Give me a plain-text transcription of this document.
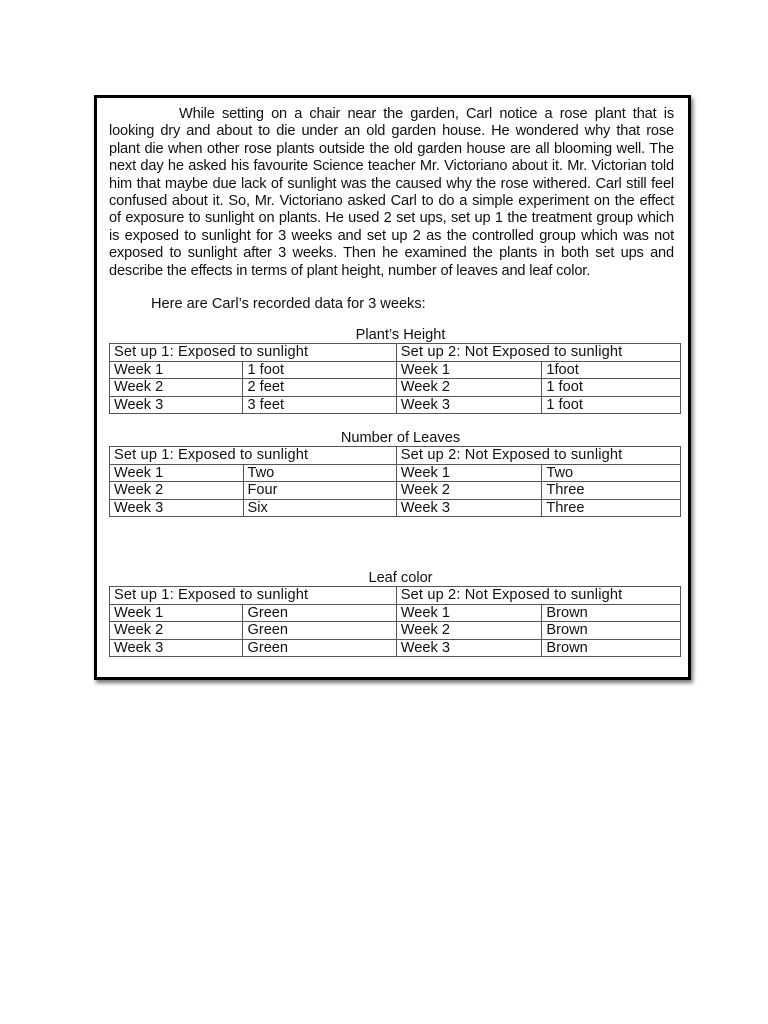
While setting on a chair near the garden, Carl notice a rose plant that is looking dry and about to die under an old garden house. He wondered why that rose plant die when other rose plants outside the old garden house are all blooming well. The next day he asked his favourite Science teacher Mr. Victoriano about it. Mr. Victorian told him that maybe due lack of sunlight was the caused why the rose withered. Carl still feel confused about it. So, Mr. Victoriano asked Carl to do a simple experiment on the effect of exposure to sunlight on plants. He used 2 set ups, set up 1 the treatment group which is exposed to sunlight for 3 weeks and set up 2 as the controlled group which was not exposed to sunlight after 3 weeks. Then he examined the plants in both set ups and describe the effects in terms of plant height, number of leaves and leaf color.

Here are Carl’s recorded data for 3 weeks:

Plant’s Height

Set up 1: Exposed to sunlight		Set up 2: Not Exposed to sunlight	
Week 1	1 foot	Week 1	1foot
Week 2	2 feet	Week 2	1 foot
Week 3	3 feet	Week 3	1 foot

Number of Leaves

Set up 1: Exposed to sunlight		Set up 2: Not Exposed to sunlight	
Week 1	Two	Week 1	Two
Week 2	Four	Week 2	Three
Week 3	Six	Week 3	Three

Leaf color

Set up 1: Exposed to sunlight		Set up 2: Not Exposed to sunlight	
Week 1	Green	Week 1	Brown
Week 2	Green	Week 2	Brown
Week 3	Green	Week 3	Brown
